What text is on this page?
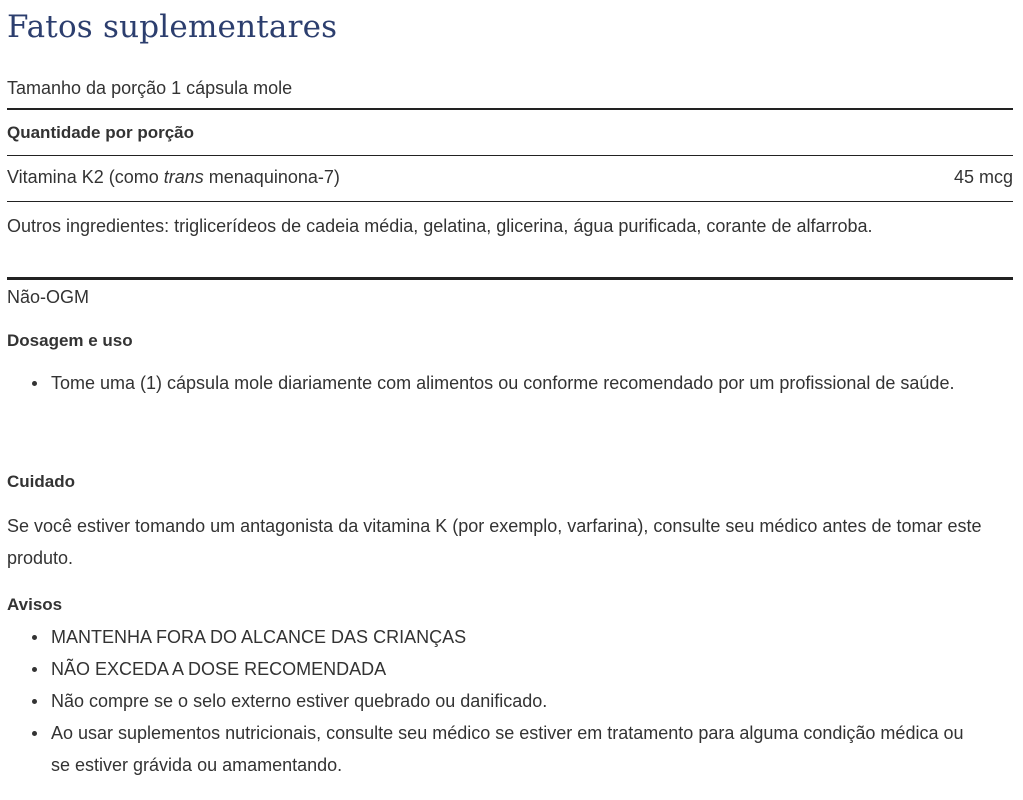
Fatos suplementares
Tamanho da porção 1 cápsula mole
Quantidade por porção
Vitamina K2 (como trans menaquinona-7)	45 mcg
Outros ingredientes: triglicerídeos de cadeia média, gelatina, glicerina, água purificada, corante de alfarroba.
Não-OGM
Dosagem e uso
Tome uma (1) cápsula mole diariamente com alimentos ou conforme recomendado por um profissional de saúde.
Cuidado
Se você estiver tomando um antagonista da vitamina K (por exemplo, varfarina), consulte seu médico antes de tomar este produto.
Avisos
MANTENHA FORA DO ALCANCE DAS CRIANÇAS
NÃO EXCEDA A DOSE RECOMENDADA
Não compre se o selo externo estiver quebrado ou danificado.
Ao usar suplementos nutricionais, consulte seu médico se estiver em tratamento para alguma condição médica ou se estiver grávida ou amamentando.
